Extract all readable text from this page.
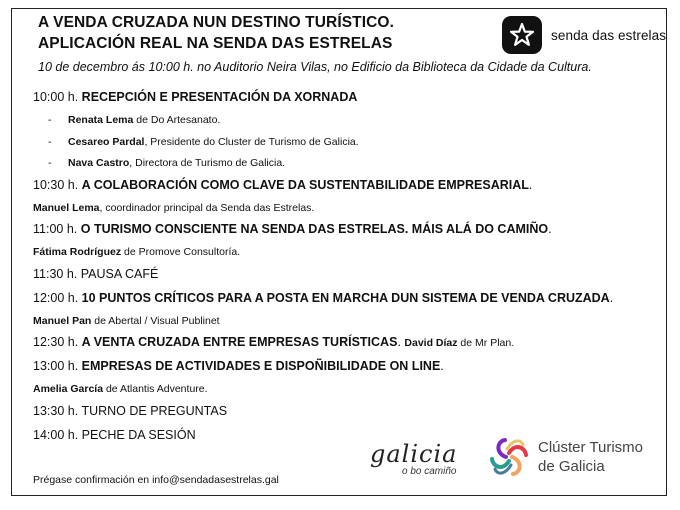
A VENDA CRUZADA NUN DESTINO TURÍSTICO.
APLICACIÓN REAL NA SENDA DAS ESTRELAS
10 de decembro ás 10:00 h. no Auditorio Neira Vilas, no Edificio da Biblioteca da Cidade da Cultura.
senda das estrelas
10:00 h. RECEPCIÓN E PRESENTACIÓN DA XORNADA
- Renata Lema de Do Artesanato.
- Cesareo Pardal, Presidente do Cluster de Turismo de Galicia.
- Nava Castro, Directora de Turismo de Galicia.
10:30 h. A COLABORACIÓN COMO CLAVE DA SUSTENTABILIDADE EMPRESARIAL.
Manuel Lema, coordinador principal da Senda das Estrelas.
11:00 h. O TURISMO CONSCIENTE NA SENDA DAS ESTRELAS. MÁIS ALÁ DO CAMIÑO.
Fátima Rodríguez de Promove Consultoría.
11:30 h. PAUSA CAFÉ
12:00 h. 10 PUNTOS CRÍTICOS PARA A POSTA EN MARCHA DUN SISTEMA DE VENDA CRUZADA.
Manuel Pan de Abertal / Visual Publinet
12:30 h. A VENTA CRUZADA ENTRE EMPRESAS TURÍSTICAS. David Díaz de Mr Plan.
13:00 h. EMPRESAS DE ACTIVIDADES E DISPOÑIBILIDADE ON LINE.
Amelia García de Atlantis Adventure.
13:30 h. TURNO DE PREGUNTAS
14:00 h. PECHE DA SESIÓN
Prégase confirmación en info@sendadasestrelas.gal
galicia
o bo camiño
Clúster Turismo
de Galicia
